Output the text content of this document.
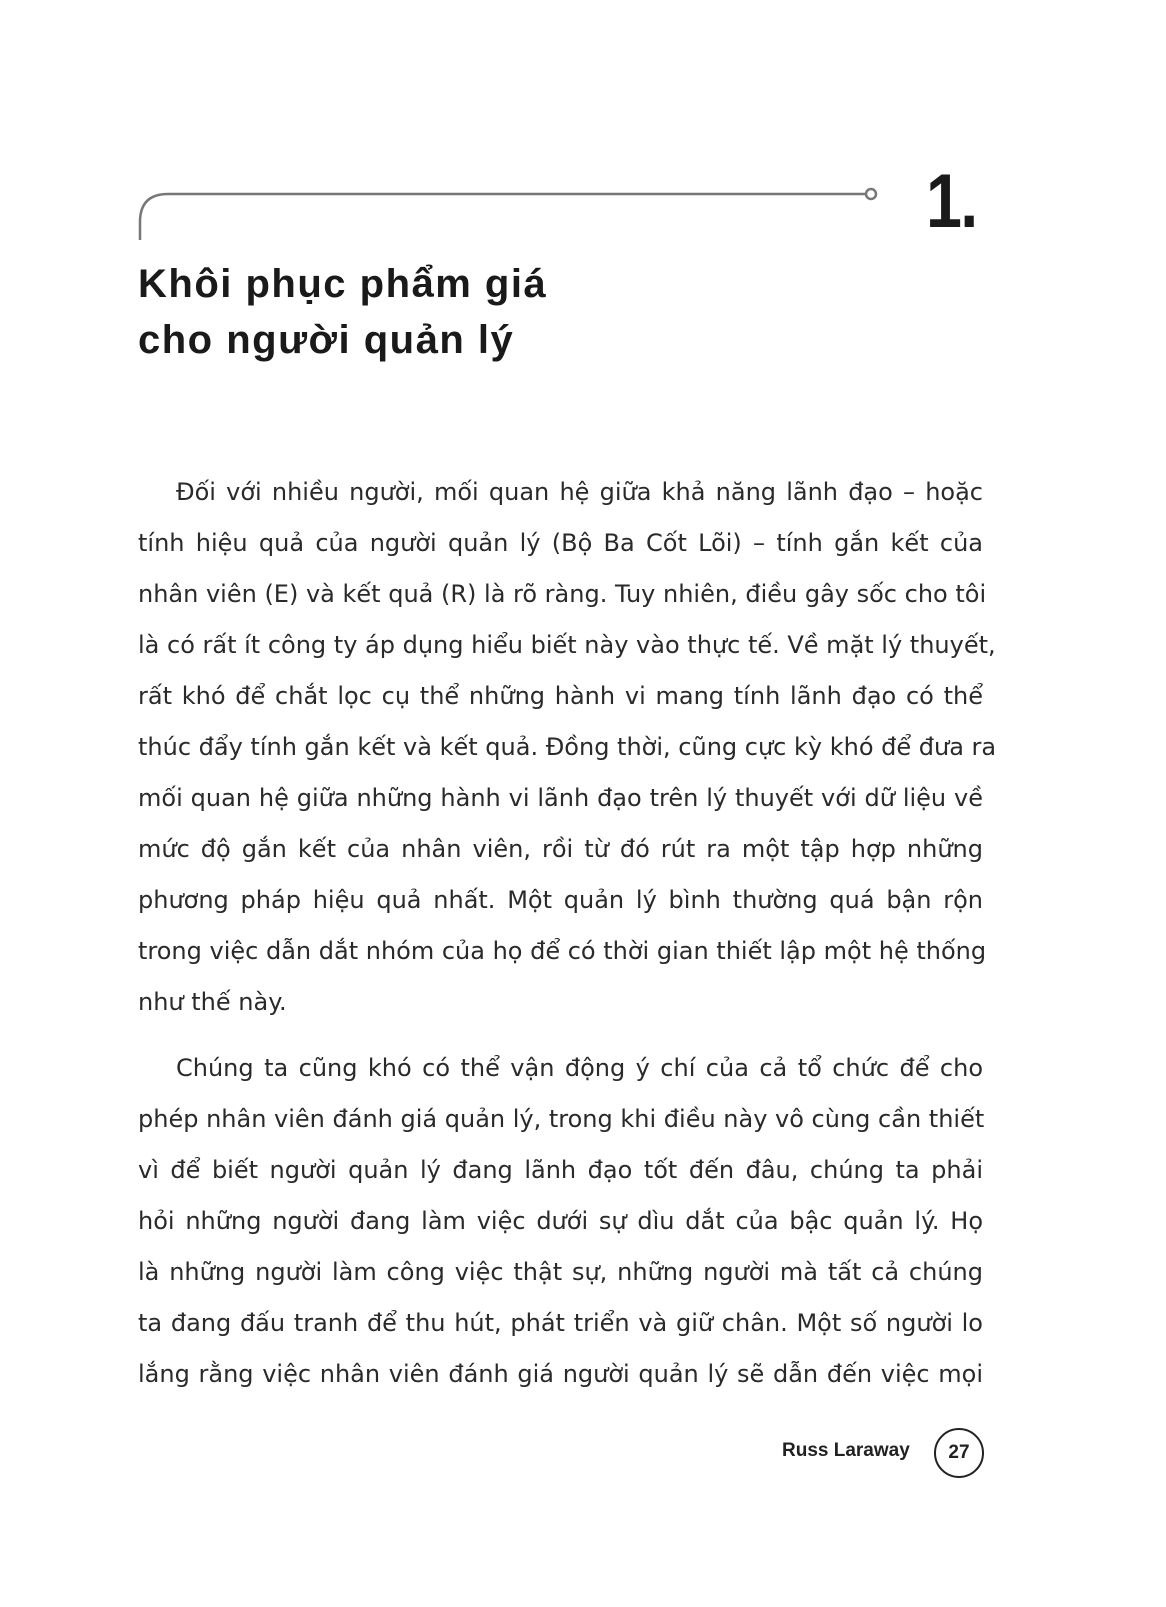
1.
Khôi phục phẩm giá
cho người quản lý
Đối với nhiều người, mối quan hệ giữa khả năng lãnh đạo – hoặc
tính hiệu quả của người quản lý (Bộ Ba Cốt Lõi) – tính gắn kết của
nhân viên (E) và kết quả (R) là rõ ràng. Tuy nhiên, điều gây sốc cho tôi
là có rất ít công ty áp dụng hiểu biết này vào thực tế. Về mặt lý thuyết,
rất khó để chắt lọc cụ thể những hành vi mang tính lãnh đạo có thể
thúc đẩy tính gắn kết và kết quả. Đồng thời, cũng cực kỳ khó để đưa ra
mối quan hệ giữa những hành vi lãnh đạo trên lý thuyết với dữ liệu về
mức độ gắn kết của nhân viên, rồi từ đó rút ra một tập hợp những
phương pháp hiệu quả nhất. Một quản lý bình thường quá bận rộn
trong việc dẫn dắt nhóm của họ để có thời gian thiết lập một hệ thống
như thế này.
Chúng ta cũng khó có thể vận động ý chí của cả tổ chức để cho
phép nhân viên đánh giá quản lý, trong khi điều này vô cùng cần thiết
vì để biết người quản lý đang lãnh đạo tốt đến đâu, chúng ta phải
hỏi những người đang làm việc dưới sự dìu dắt của bậc quản lý. Họ
là những người làm công việc thật sự, những người mà tất cả chúng
ta đang đấu tranh để thu hút, phát triển và giữ chân. Một số người lo
lắng rằng việc nhân viên đánh giá người quản lý sẽ dẫn đến việc mọi
Russ Laraway 27
